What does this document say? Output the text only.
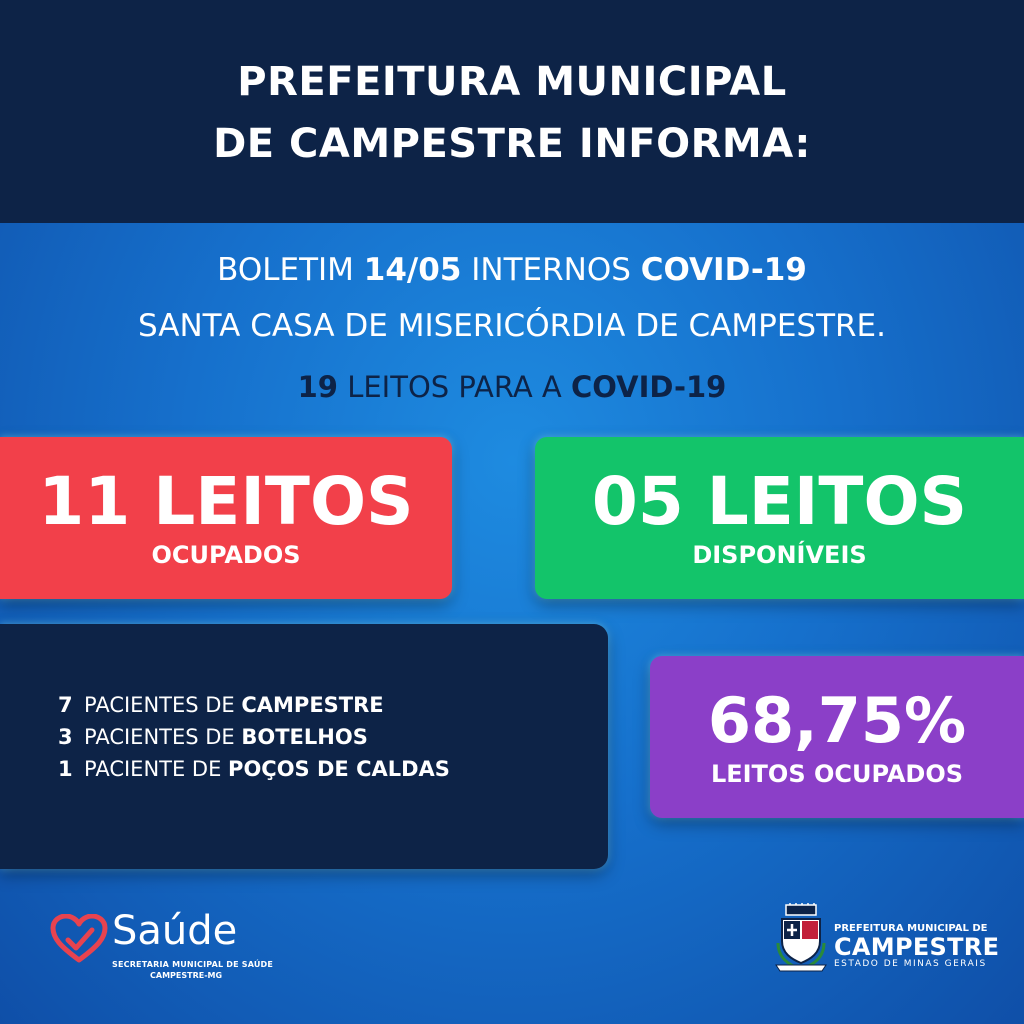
PREFEITURA MUNICIPAL
DE CAMPESTRE INFORMA:
BOLETIM 14/05 INTERNOS COVID-19
SANTA CASA DE MISERICÓRDIA DE CAMPESTRE.
19 LEITOS PARA A COVID-19
11 LEITOS
OCUPADOS
05 LEITOS
DISPONÍVEIS
7 PACIENTES DE CAMPESTRE
3 PACIENTES DE BOTELHOS
1 PACIENTE DE POÇOS DE CALDAS
68,75%
LEITOS OCUPADOS
Saúde
SECRETARIA MUNICIPAL DE SAÚDE
CAMPESTRE-MG
PREFEITURA MUNICIPAL DE
CAMPESTRE
ESTADO DE MINAS GERAIS
